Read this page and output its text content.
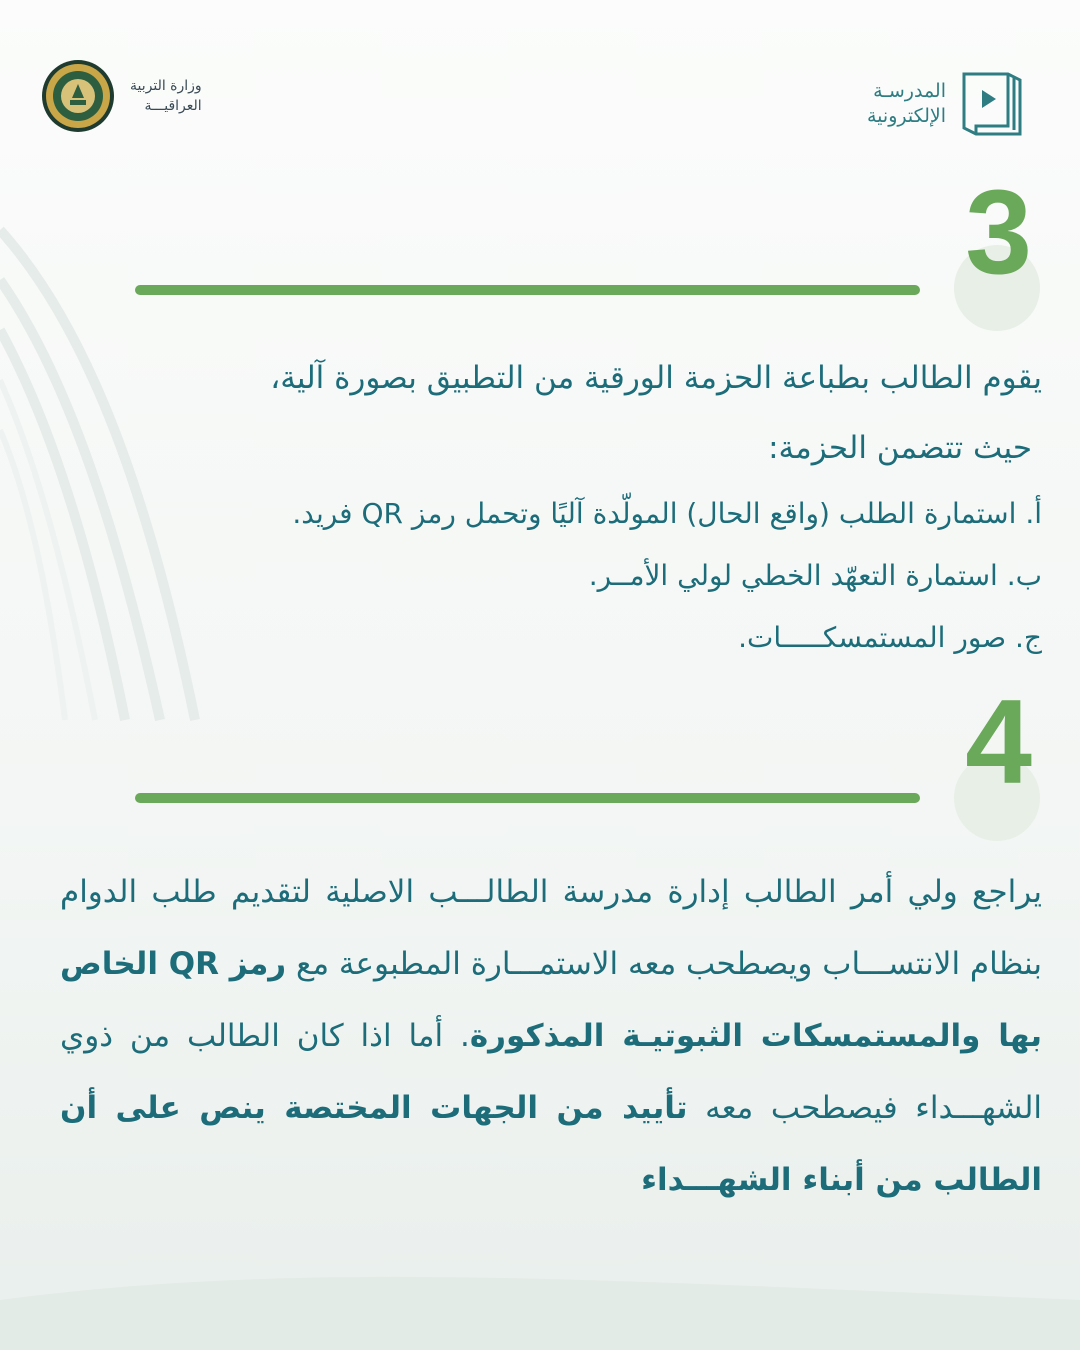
المدرسـة
الإلكترونية
وزارة التربية
العراقيـــة
3

يقوم الطالب بطباعة الحزمة الورقية من التطبيق بصورة آلية،

حيث تتضمن الحزمة:

أ. استمارة الطلب (واقع الحال) المولّدة آليًا وتحمل رمز QR فريد.

ب. استمارة التعهّد الخطي لولي الأمــر.

ج. صور المستمسكـــــات.

4

يراجع ولي أمر الطالب إدارة مدرسة الطالـــب الاصلية لتقديم طلب الدوام بنظام الانتســـاب ويصطحب معه الاستمـــارة المطبوعة مع رمز QR الخاص بها والمستمسكات الثبوتيـة المذكورة. أما اذا كان الطالب من ذوي الشهـــداء فيصطحب معه تأييد من الجهات المختصة ينص على أن الطالب من أبناء الشهـــداء
